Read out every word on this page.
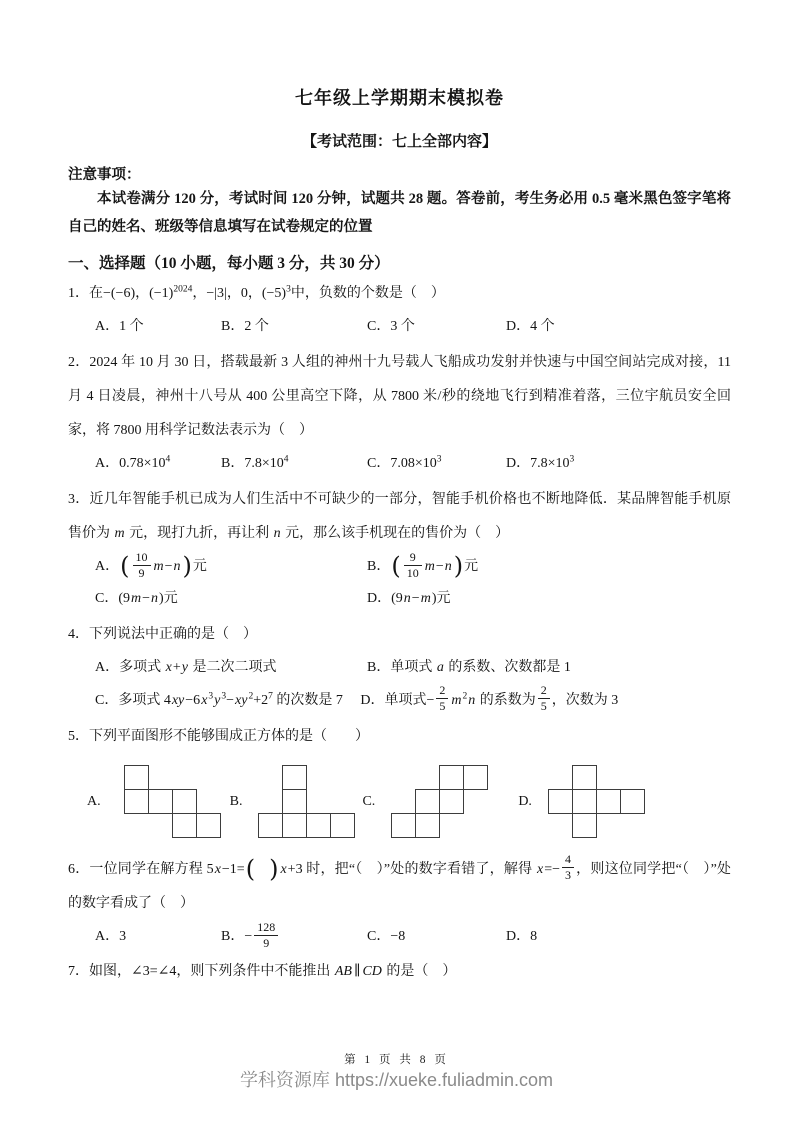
七年级上学期期末模拟卷
【考试范围：七上全部内容】
注意事项：

本试卷满分 120 分，考试时间 120 分钟，试题共 28 题。答卷前，考生务必用 0.5 毫米黑色签字笔将自己的姓名、班级等信息填写在试卷规定的位置

一、选择题（10 小题，每小题 3 分，共 30 分）

1．在−(−6)，$(-1)^{2024}$，−|3|，0，$(-5)^3$中，负数的个数是（　）

A．1 个	B．2 个	C．3 个	D．4 个

2．2024 年 10 月 30 日，搭载最新 3 人组的神州十九号载人飞船成功发射并快速与中国空间站完成对接，11 月 4 日凌晨，神州十八号从 400 公里高空下降，从 7800 米/秒的绕地飞行到精准着落，三位宇航员安全回家，将 7800 用科学记数法表示为（　）

A．$0.78\times 10^4$	B．$7.8\times 10^4$	C．$7.08\times 10^3$	D．$7.8\times 10^3$

3．近几年智能手机已成为人们生活中不可缺少的一部分，智能手机价格也不断地降低．某品牌智能手机原售价为 m 元，现打九折，再让利 n 元，那么该手机现在的售价为（　）

A．( $\frac{10}{9} m-n$)元	B．( $\frac{9}{10} m-n$)元
C．(9m−n)元	D．(9n−m)元

4．下列说法中正确的是（　）

A．多项式 x+y 是二次二项式	B．单项式 a 的系数、次数都是 1

C．多项式 $4xy-6x^3y^3-xy^2+2^7$ 的次数是 7 D．单项式− $\frac{2}{5} m^2n$ 的系数为 $\frac{2}{5}$ ，次数为 3

5．下列平面图形不能够围成正方体的是（　　）

A.	B.	C.	D.

6．一位同学在解方程 5x−1=( ) x+3 时，把“（　）”处的数字看错了，解得 $x=- \frac{4}{3}$ ，则这位同学把“（　）”处的数字看成了（　）

A．3	B．− $\frac{128}{9}$	C．−8	D．8

7．如图，∠3=∠4，则下列条件中不能推出 AB ∥ CD 的是（　）

第 1 页 共 8 页
学科资源库 https://xueke.fuliadmin.com
